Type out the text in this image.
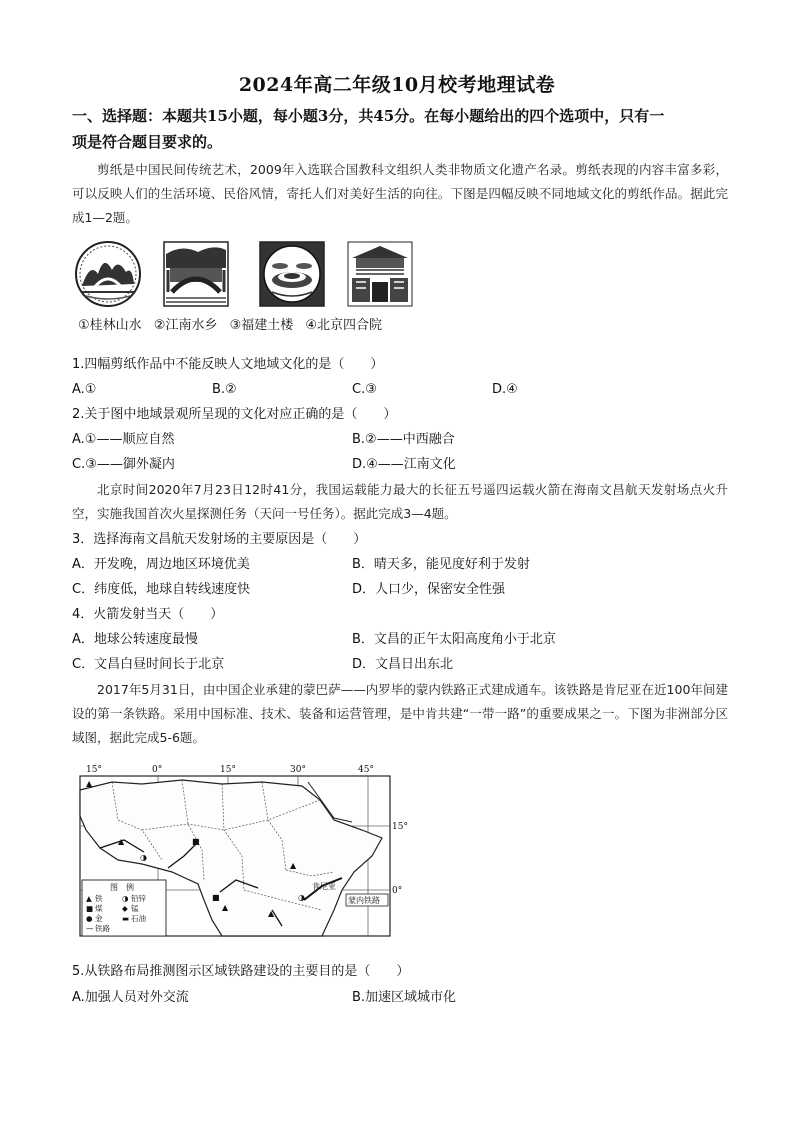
2024年高二年级10月校考地理试卷
一、选择题：本题共15小题，每小题3分，共45分。在每小题给出的四个选项中，只有一
项是符合题目要求的。
剪纸是中国民间传统艺术，2009年入选联合国教科文组织人类非物质文化遗产名录。剪纸表现的内容丰富多彩，可以反映人们的生活环境、民俗风情，寄托人们对美好生活的向往。下图是四幅反映不同地域文化的剪纸作品。据此完成1—2题。
①桂林山水 ②江南水乡 ③福建土楼 ④北京四合院
1.四幅剪纸作品中不能反映人文地域文化的是（　　）
A.①	B.②	C.③	D.④
2.关于图中地域景观所呈现的文化对应正确的是（　　）
A.①——顺应自然	B.②——中西融合
C.③——御外凝内	D.④——江南文化
北京时间2020年7月23日12时41分，我国运载能力最大的长征五号遥四运载火箭在海南文昌航天发射场点火升空，实施我国首次火星探测任务（天问一号任务）。据此完成3—4题。
3．选择海南文昌航天发射场的主要原因是（　　）
A．开发晚，周边地区环境优美	B．晴天多，能见度好利于发射
C．纬度低，地球自转线速度快	D．人口少，保密安全性强
4．火箭发射当天（　　）
A．地球公转速度最慢	B．文昌的正午太阳高度角小于北京
C．文昌白昼时间长于北京	D．文昌日出东北
2017年5月31日，由中国企业承建的蒙巴萨——内罗毕的蒙内铁路正式建成通车。该铁路是肯尼亚在近100年间建设的第一条铁路。采用中国标准、技术、装备和运营管理，是中肯共建“一带一路”的重要成果之一。下图为非洲部分区域图，据此完成5-6题。
▲
▲
◑
■
▲
■
▲
◑
▲
15°	0°	15°	30°	45°
15°
0°
肯尼亚
蒙内铁路
图　例
▲ 铁	◑ 铅锌
■ 煤	◆ 锰
● 金	▬ 石油
— 铁路
5.从铁路布局推测图示区域铁路建设的主要目的是（　　）
A.加强人员对外交流	B.加速区域城市化
